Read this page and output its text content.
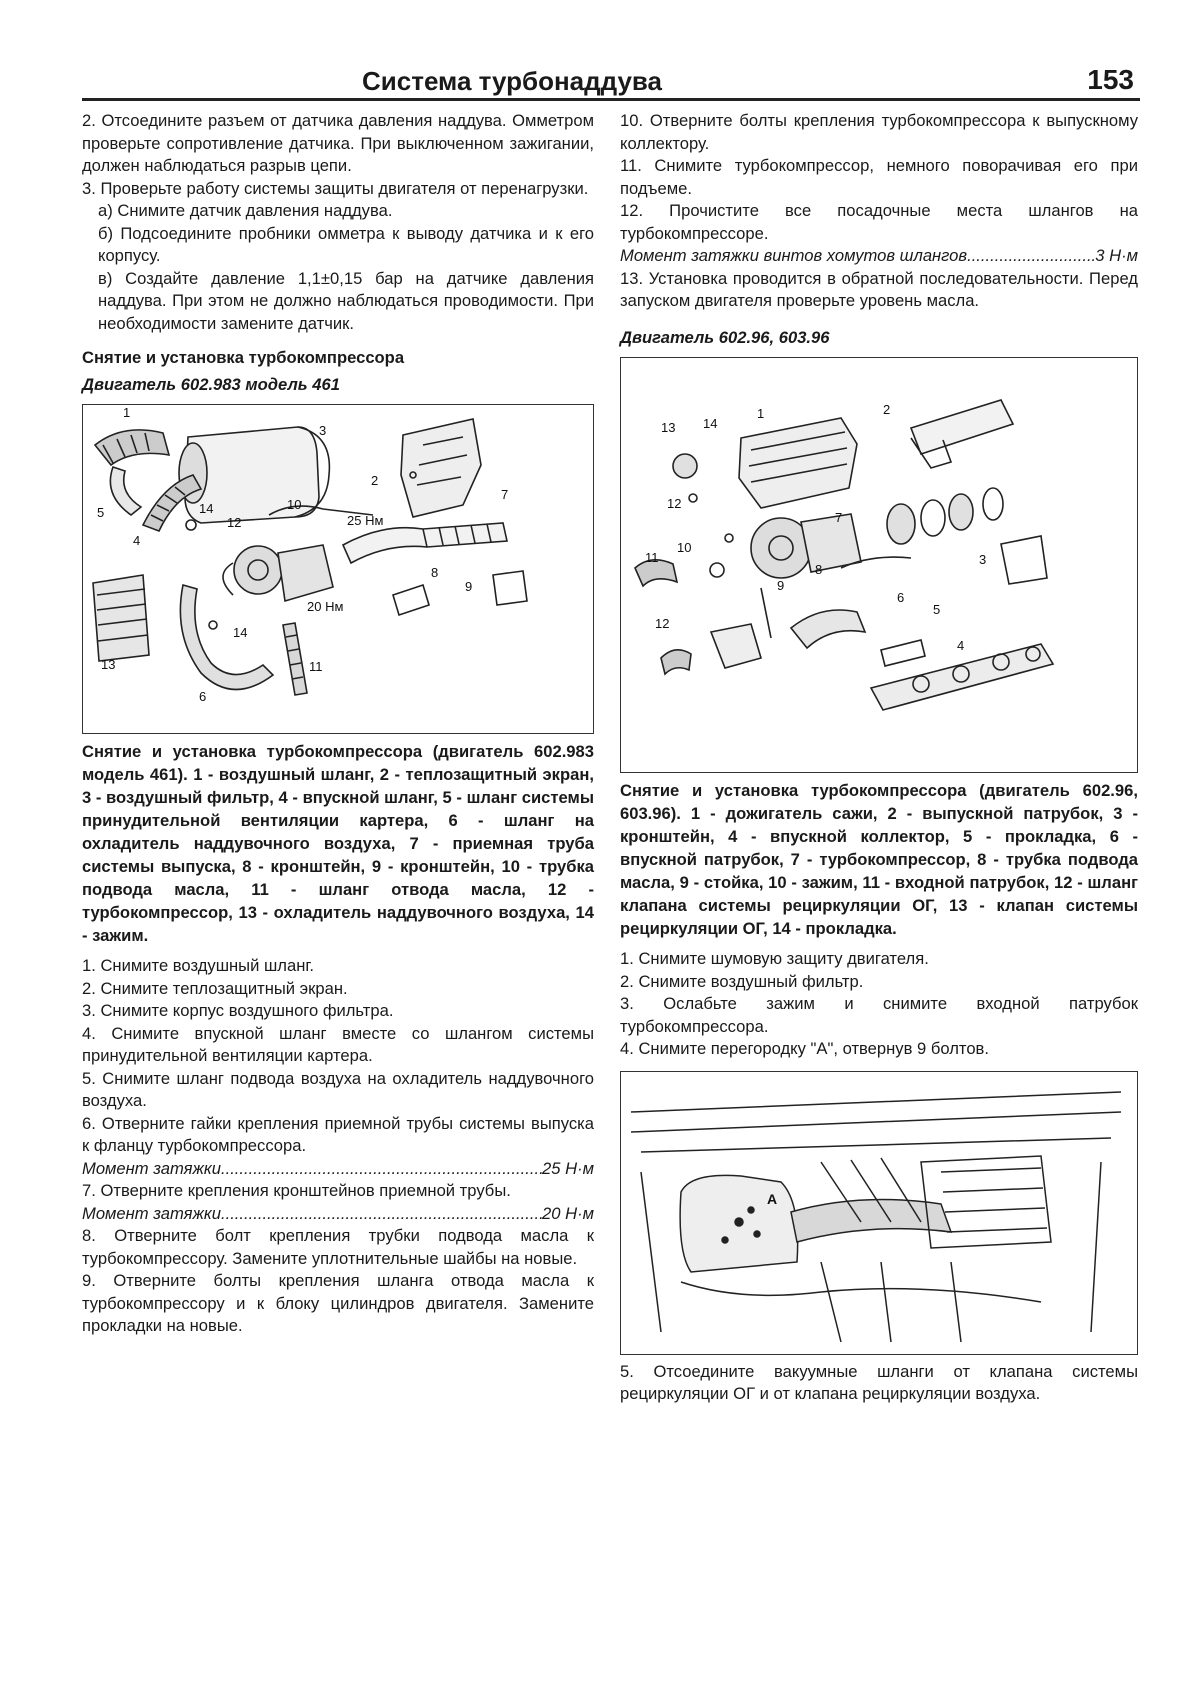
Система турбонаддува	153

2. Отсоедините разъем от датчика давления наддува. Омметром проверьте сопротивление датчика. При выключенном зажигании, должен наблюдаться разрыв цепи.

3. Проверьте работу системы защиты двигателя от перенагрузки.

а) Снимите датчик давления наддува.

б) Подсоедините пробники омметра к выводу датчика и к его корпусу.

в) Создайте давление 1,1±0,15 бар на датчике давления наддува. При этом не должно наблюдаться проводимости. При необходимости замените датчик.

Снятие и установка турбокомпрессора

Двигатель 602.983 модель 461

1
2
3
4
5
6
7
8
9
10
11
12
13
14
14
25 Нм
20 Нм

Снятие и установка турбокомпрессора (двигатель 602.983 модель 461). 1 - воздушный шланг, 2 - теплозащитный экран, 3 - воздушный фильтр, 4 - впускной шланг, 5 - шланг системы принудительной вентиляции картера, 6 - шланг на охладитель наддувочного воздуха, 7 - приемная труба системы выпуска, 8 - кронштейн, 9 - кронштейн, 10 - трубка подвода масла, 11 - шланг отвода масла, 12 - турбокомпрессор, 13 - охладитель наддувочного воздуха, 14 - зажим.

1. Снимите воздушный шланг.

2. Снимите теплозащитный экран.

3. Снимите корпус воздушного фильтра.

4. Снимите впускной шланг вместе со шлангом системы принудительной вентиляции картера.

5. Снимите шланг подвода воздуха на охладитель наддувочного воздуха.

6. Отверните гайки крепления приемной трубы системы выпуска к фланцу турбокомпрессора.

Момент затяжки .....	25 Н·м

7. Отверните крепления кронштейнов приемной трубы.

Момент затяжки .....	20 Н·м

8. Отверните болт крепления трубки подвода масла к турбокомпрессору. Замените уплотнительные шайбы на новые.

9. Отверните болты крепления шланга отвода масла к турбокомпрессору и к блоку цилиндров двигателя. Замените прокладки на новые.

10. Отверните болты крепления турбокомпрессора к выпускному коллектору.

11. Снимите турбокомпрессор, немного поворачивая его при подъеме.

12. Прочистите все посадочные места шлангов на турбокомпрессоре.

Момент затяжки винтов хомутов шлангов .....	3 Н·м

13. Установка проводится в обратной последовательности. Перед запуском двигателя проверьте уровень масла.

Двигатель 602.96, 603.96

1	2
3
4
5
6
7
8
9
10
11
12
12
13 14

Снятие и установка турбокомпрессора (двигатель 602.96, 603.96). 1 - дожигатель сажи, 2 - выпускной патрубок, 3 - кронштейн, 4 - впускной коллектор, 5 - прокладка, 6 - впускной патрубок, 7 - турбокомпрессор, 8 - трубка подвода масла, 9 - стойка, 10 - зажим, 11 - входной патрубок, 12 - шланг клапана системы рециркуляции ОГ, 13 - клапан системы рециркуляции ОГ, 14 - прокладка.

1. Снимите шумовую защиту двигателя.

2. Снимите воздушный фильтр.

3. Ослабьте зажим и снимите входной патрубок турбокомпрессора.

4. Снимите перегородку "А", отвернув 9 болтов.

A

5. Отсоедините вакуумные шланги от клапана системы рециркуляции ОГ и от клапана рециркуляции воздуха.
